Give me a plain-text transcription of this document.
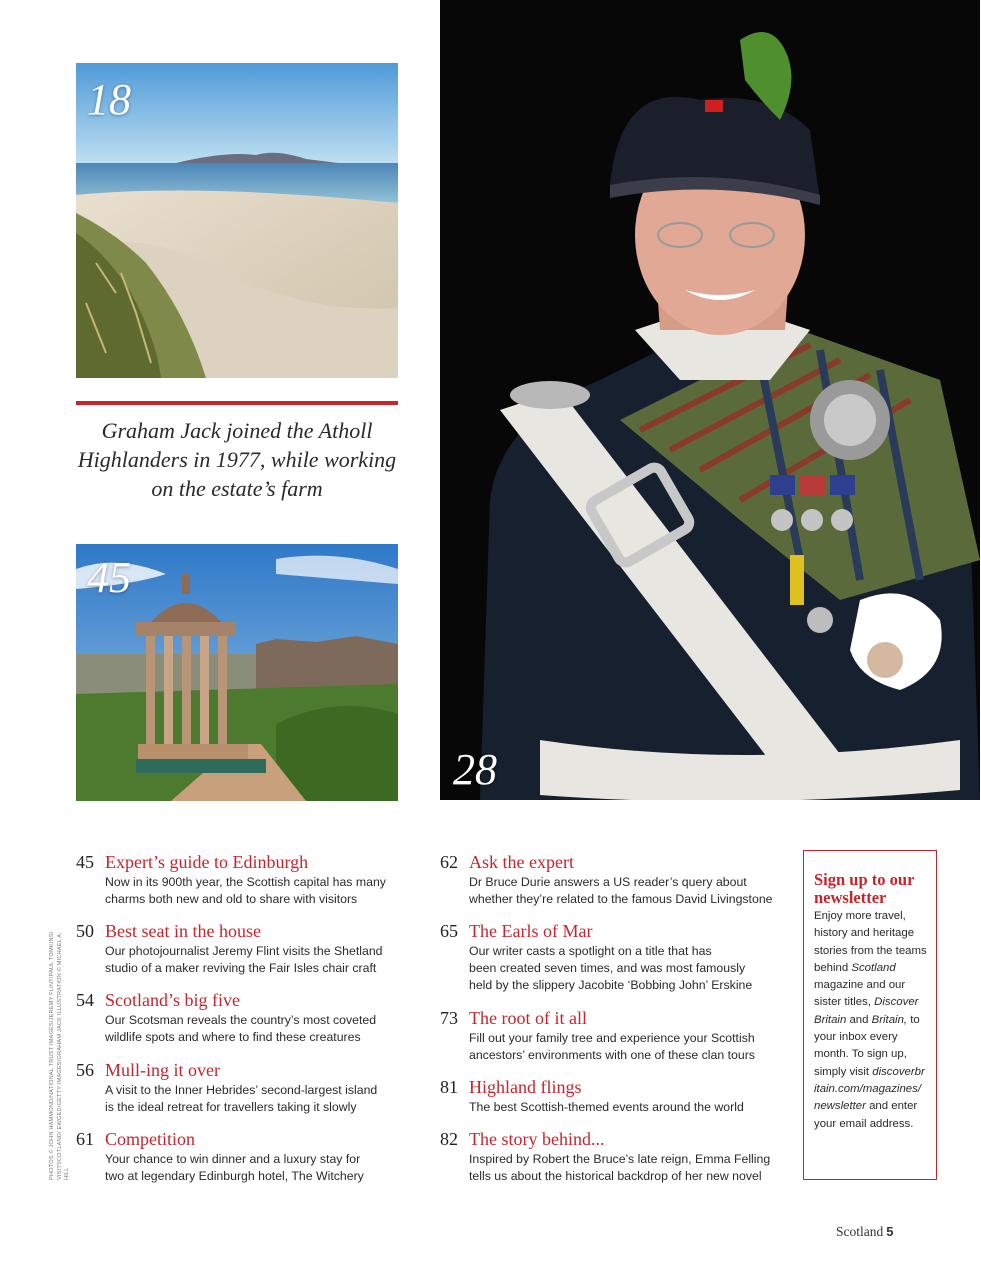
18
Graham Jack joined the Atholl Highlanders in 1977, while working on the estate’s farm
45
28
PHOTOS © JOHN HAMMOND/NATIONAL TRUST IMAGES/JEREMY FLINT/PAUL TOMKINS/ VISITSCOTLAND/ EWGED/GETTY IMAGES/GRAHAM JACK ILLUSTRATION © MICHAEL A. HILL
45 Expert’s guide to Edinburgh
Now in its 900th year, the Scottish capital has many
charms both new and old to share with visitors
50 Best seat in the house
Our photojournalist Jeremy Flint visits the Shetland
studio of a maker reviving the Fair Isles chair craft
54 Scotland’s big five
Our Scotsman reveals the country’s most coveted
wildlife spots and where to find these creatures
56 Mull-ing it over
A visit to the Inner Hebrides’ second-largest island
is the ideal retreat for travellers taking it slowly
61 Competition
Your chance to win dinner and a luxury stay for
two at legendary Edinburgh hotel, The Witchery
62 Ask the expert
Dr Bruce Durie answers a US reader’s query about
whether they’re related to the famous David Livingstone
65 The Earls of Mar
Our writer casts a spotlight on a title that has
been created seven times, and was most famously
held by the slippery Jacobite ‘Bobbing John’ Erskine
73 The root of it all
Fill out your family tree and experience your Scottish
ancestors’ environments with one of these clan tours
81 Highland flings
The best Scottish-themed events around the world
82 The story behind...
Inspired by Robert the Bruce’s late reign, Emma Felling
tells us about the historical backdrop of her new novel
Sign up to our newsletter
Enjoy more travel, history and heritage stories from the teams behind Scotland magazine and our sister titles, Discover Britain and Britain, to your inbox every month. To sign up, simply visit discoverbritain.com/magazines/newsletter and enter your email address.
Scotland 5
